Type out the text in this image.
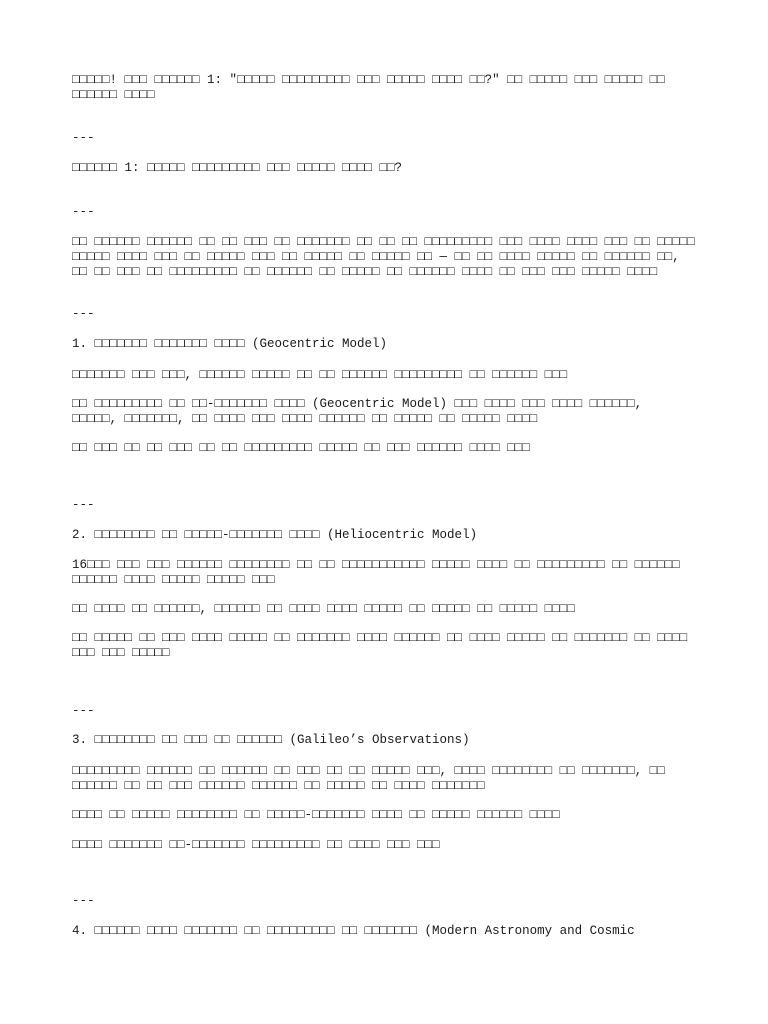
□□□□□! □□□ □□□□□□ 1: "□□□□□ □□□□□□□□□ □□□ □□□□□ □□□□ □□?" □□ □□□□□ □□□ □□□□□ □□
□□□□□□ □□□□
---
□□□□□□ 1: □□□□□ □□□□□□□□□ □□□ □□□□□ □□□□ □□?
---
□□ □□□□□□ □□□□□□ □□ □□ □□□ □□ □□□□□□□ □□ □□ □□ □□□□□□□□□ □□□ □□□□ □□□□ □□□ □□ □□□□□
□□□□□ □□□□ □□□ □□ □□□□□ □□□ □□ □□□□□ □□ □□□□□ □□ — □□ □□ □□□□ □□□□□ □□ □□□□□□ □□,
□□ □□ □□□ □□ □□□□□□□□□ □□ □□□□□□ □□ □□□□□ □□ □□□□□□ □□□□ □□ □□□ □□□ □□□□□ □□□□
---
1. □□□□□□□ □□□□□□□ □□□□ (Geocentric Model)
□□□□□□□ □□□ □□□, □□□□□□ □□□□□ □□ □□ □□□□□□ □□□□□□□□□ □□ □□□□□□ □□□
□□ □□□□□□□□□ □□ □□-□□□□□□□ □□□□ (Geocentric Model) □□□ □□□□ □□□ □□□□ □□□□□□,
□□□□□, □□□□□□□, □□ □□□□ □□□ □□□□ □□□□□□ □□ □□□□□ □□ □□□□□ □□□□
□□ □□□ □□ □□ □□□ □□ □□ □□□□□□□□□ □□□□□ □□ □□□ □□□□□□ □□□□ □□□
---
2. □□□□□□□□ □□ □□□□□-□□□□□□□ □□□□ (Heliocentric Model)
16□□□ □□□ □□□ □□□□□□ □□□□□□□□ □□ □□ □□□□□□□□□□□ □□□□□ □□□□ □□ □□□□□□□□□ □□ □□□□□□
□□□□□□ □□□□ □□□□□ □□□□□ □□□
□□ □□□□ □□ □□□□□□, □□□□□□ □□ □□□□ □□□□ □□□□□ □□ □□□□□ □□ □□□□□ □□□□
□□ □□□□□ □□ □□□ □□□□ □□□□□ □□ □□□□□□□ □□□□ □□□□□□ □□ □□□□ □□□□□ □□ □□□□□□□ □□ □□□□
□□□ □□□ □□□□□
---
3. □□□□□□□□ □□ □□□ □□ □□□□□□ (Galileo’s Observations)
□□□□□□□□□ □□□□□□ □□ □□□□□□ □□ □□□ □□ □□ □□□□□ □□□, □□□□ □□□□□□□□ □□ □□□□□□□, □□
□□□□□□ □□ □□ □□□ □□□□□□ □□□□□□ □□ □□□□□ □□ □□□□ □□□□□□□
□□□□ □□ □□□□□ □□□□□□□□ □□ □□□□□-□□□□□□□ □□□□ □□ □□□□□ □□□□□□ □□□□
□□□□ □□□□□□□ □□-□□□□□□□ □□□□□□□□□ □□ □□□□ □□□ □□□
---
4. □□□□□□ □□□□ □□□□□□□ □□ □□□□□□□□□ □□ □□□□□□□ (Modern Astronomy and Cosmic
